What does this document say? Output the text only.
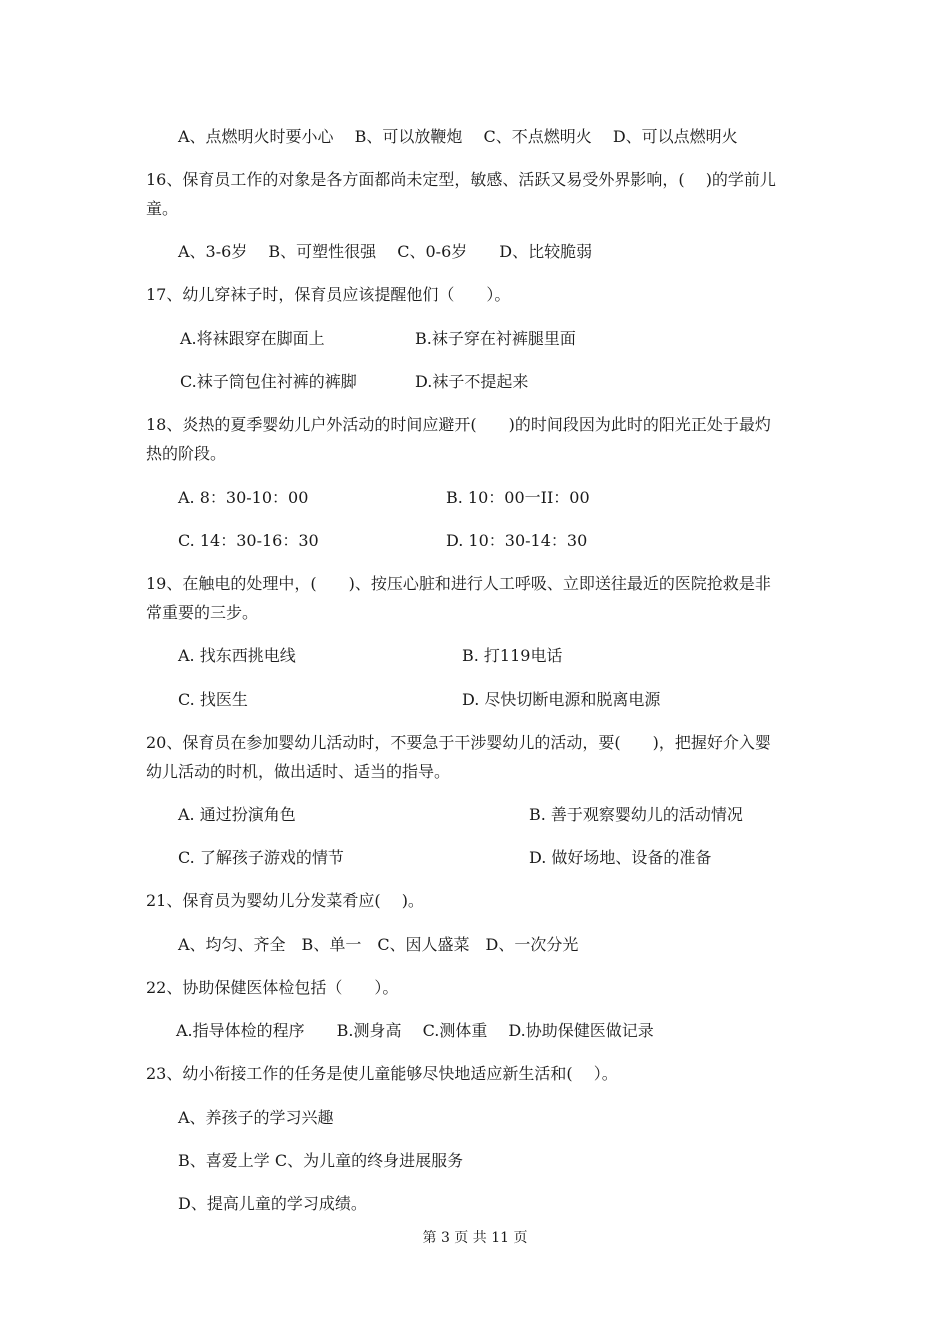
A、点燃明火时要小心　 B、可以放鞭炮　 C、不点燃明火　 D、可以点燃明火
16、保育员工作的对象是各方面都尚未定型，敏感、活跃又易受外界影响，(　 )的学前儿
童。
A、3-6岁　 B、可塑性很强　 C、0-6岁　　D、比较脆弱
17、幼儿穿袜子时，保育员应该提醒他们（　　）。
A.将袜跟穿在脚面上	B.袜子穿在衬裤腿里面
C.袜子筒包住衬裤的裤脚	D.袜子不提起来
18、炎热的夏季婴幼儿户外活动的时间应避开(　　)的时间段因为此时的阳光正处于最灼
热的阶段。
A. 8：30-10：00	B. 10：00一II：00
C. 14：30-16：30	D. 10：30-14：30
19、在触电的处理中，(　　)、按压心脏和进行人工呼吸、立即送往最近的医院抢救是非
常重要的三步。
A. 找东西挑电线	B. 打119电话
C. 找医生	D. 尽快切断电源和脱离电源
20、保育员在参加婴幼儿活动时，不要急于干涉婴幼儿的活动，要(　　)，把握好介入婴
幼儿活动的时机，做出适时、适当的指导。
A. 通过扮演角色	B. 善于观察婴幼儿的活动情况
C. 了解孩子游戏的情节	D. 做好场地、设备的准备
21、保育员为婴幼儿分发菜肴应(　 )。
A、均匀、齐全　B、单一　C、因人盛菜　D、一次分光
22、协助保健医体检包括（　　）。
A.指导体检的程序　　B.测身高　 C.测体重　 D.协助保健医做记录
23、幼小衔接工作的任务是使儿童能够尽快地适应新生活和(　 ）。
A、养孩子的学习兴趣
B、喜爱上学 C、为儿童的终身进展服务
D、提高儿童的学习成绩。
第 3 页 共 11 页
